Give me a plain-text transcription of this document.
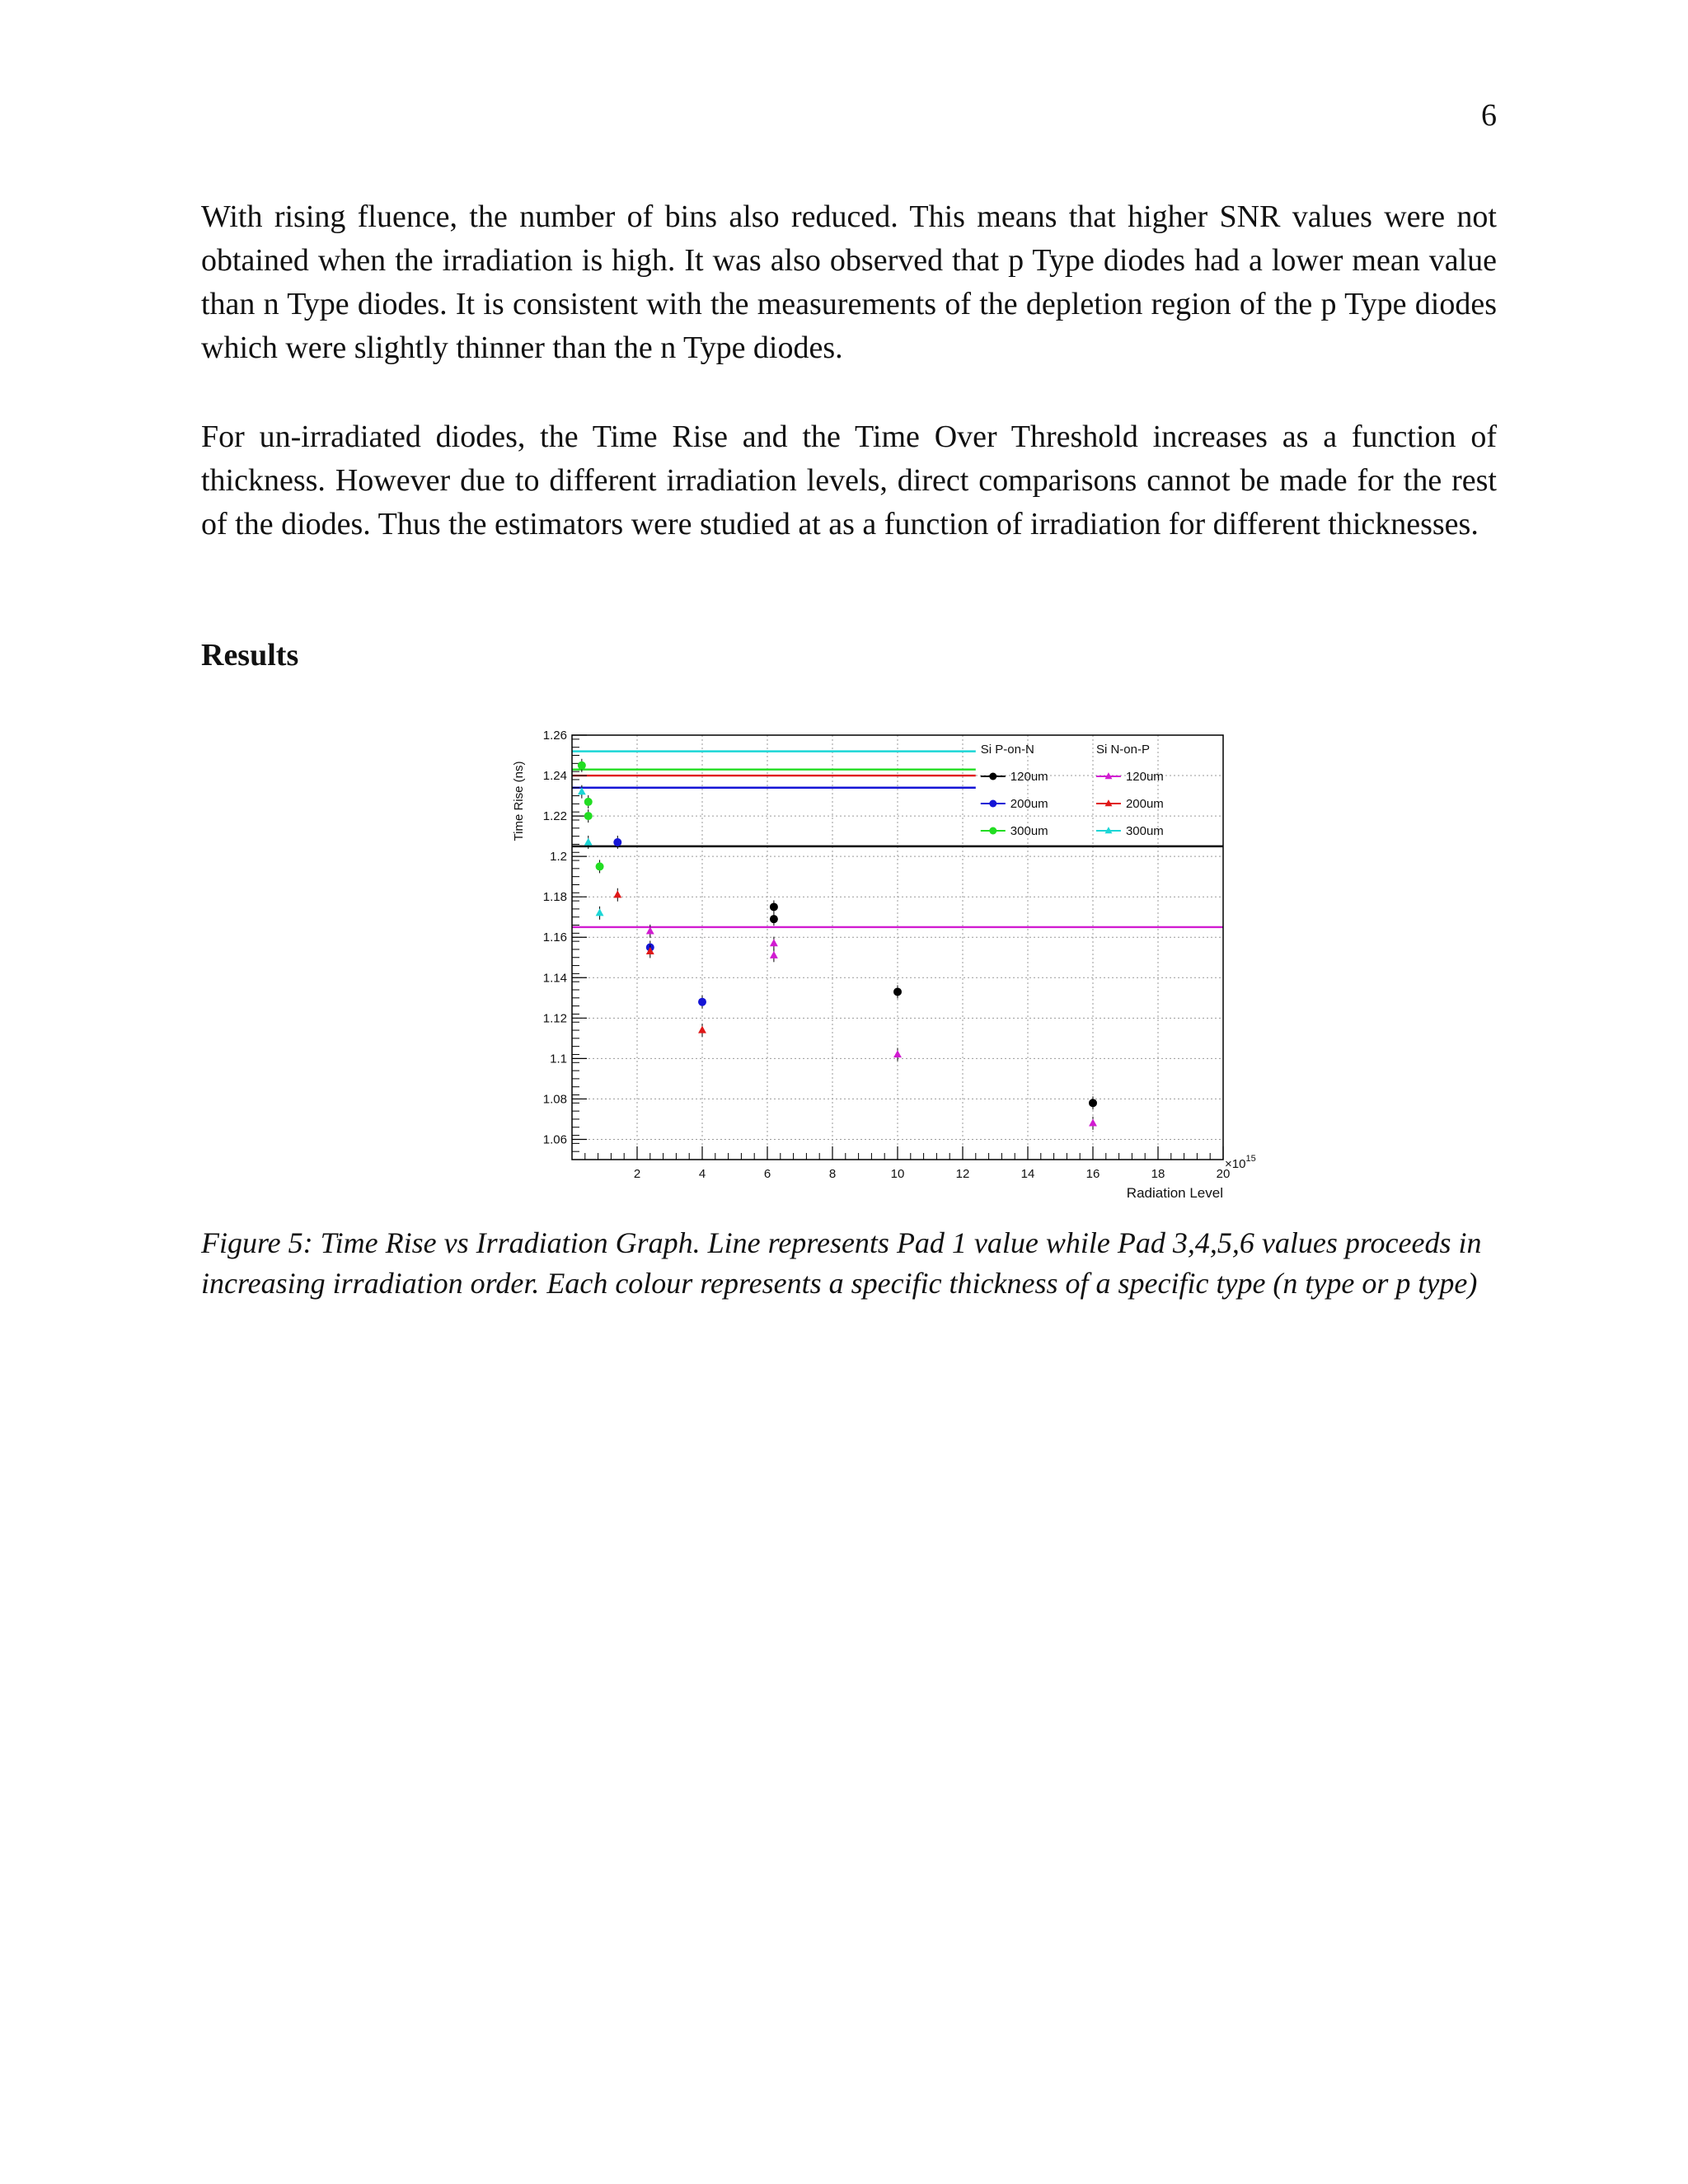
6

With rising fluence, the number of bins also reduced. This means that higher SNR values were not obtained when the irradiation is high. It was also observed that p Type diodes had a lower mean value than n Type diodes. It is consistent with the measurements of the depletion region of the p Type diodes which were slightly thinner than the n Type diodes.

For un-irradiated diodes, the Time Rise and the Time Over Threshold increases as a function of thickness. However due to different irradiation levels, direct comparisons cannot be made for the rest of the diodes. Thus the estimators were studied at as a function of irradiation for different thicknesses.

Results
2	4	6	8	10	12	14	16	18	20
1.06
1.08
1.1
1.12
1.14
1.16
1.18
1.2
1.22
1.24
1.26
Si P-on-N	Si N-on-P
120um
200um
300um
120um
200um
300um
Time Rise (ns)
Radiation Level
$\times 10^{15}$

Figure 5: Time Rise vs Irradiation Graph. Line represents Pad 1 value while Pad 3,4,5,6 values proceeds in increasing irradiation order. Each colour represents a specific thickness of a specific type (n type or p type)
